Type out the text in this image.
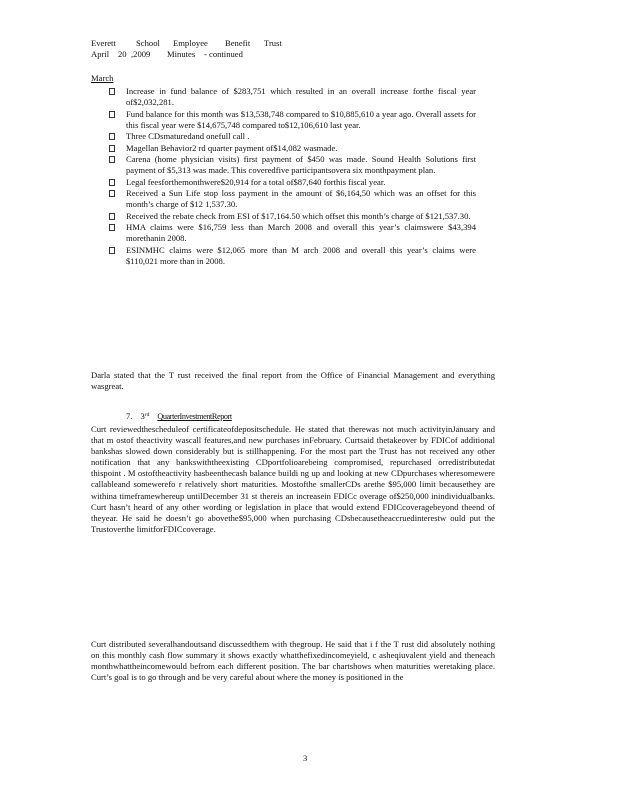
Everett	School	Employee	Benefit	Trust
April	20 ,2009	Minutes	- continued
March
Increase in fund balance of $283,751 which resulted in an overall increase forthe fiscal year of$2,032,281.
Fund balance for this month was $13,538,748 compared to $10,885,610 a year ago. Overall assets for this fiscal year were $14,675,748 compared to$12,106,610 last year.
Three CDsmaturedand onefull call .
Magellan Behavior2 rd quarter payment of$14,082 wasmade.
Carena (home physician visits) first payment of $450 was made. Sound Health Solutions first payment of $5,313 was made. This coveredfive participantsovera six monthpayment plan.
Legal feesforthemonthwere$20,914 for a total of$87,640 forthis fiscal year.
Received a Sun Life stop loss payment in the amount of $6,164,50 which was an offset for this month’s charge of $12 1,537.30.
Received the rebate check from ESI of $17,164.50 which offset this month’s charge of $121,537.30.
HMA claims were $16,759 less than March 2008 and overall this year’s claimswere $43,394 morethanin 2008.
ESINMHC claims were $12,065 more than M arch 2008 and overall this year’s claims were $110,021 more than in 2008.
Darla stated that the T rust received the final report from the Office of Financial Management and everything wasgreat.
7. 3rd QuarterInvestmentReport
Curt reviewedthescheduleof certificateofdepositschedule. He stated that therewas not much activityinJanuary and that m ostof theactivity wascall features,and new purchases inFebruary. Curtsaid thetakeover by FDICof additional bankshas slowed down considerably but is stillhappening. For the most part the Trust has not received any other notification that any bankswiththeexisting CDportfolioarebeing compromised, repurchased orredistributedat thispoint . M ostoftheactivity hasbeenthecash balance buildi ng up and looking at new CDpurchases wheresomewere callableand somewerefo r relatively short maturities. Mostofthe smallerCDs arethe $95,000 limit becausethey are withina timeframewhereup untilDecember 31 st thereis an increasein FDICc overage of$250,000 inindividualbanks. Curt hasn’t heard of any other wording or legislation in place that would extend FDICcoveragebeyond theend of theyear. He said he doesn’t go abovethe$95,000 when purchasing CDsbecausetheaccruedinterestw ould put the Trustoverthe limitforFDICcoverage.
Curt distributed severalhandoutsand discussedthem with thegroup. He said that i f the T rust did absolutely nothing on this monthly cash flow summary it shows exactly whatthefixedincomeyield, c asheqiuvalent yield and theneach monthwhattheincomewould befrom each different position. The bar chartshows when maturities weretaking place. Curt’s goal is to go through and be very careful about where the money is positioned in the
3
